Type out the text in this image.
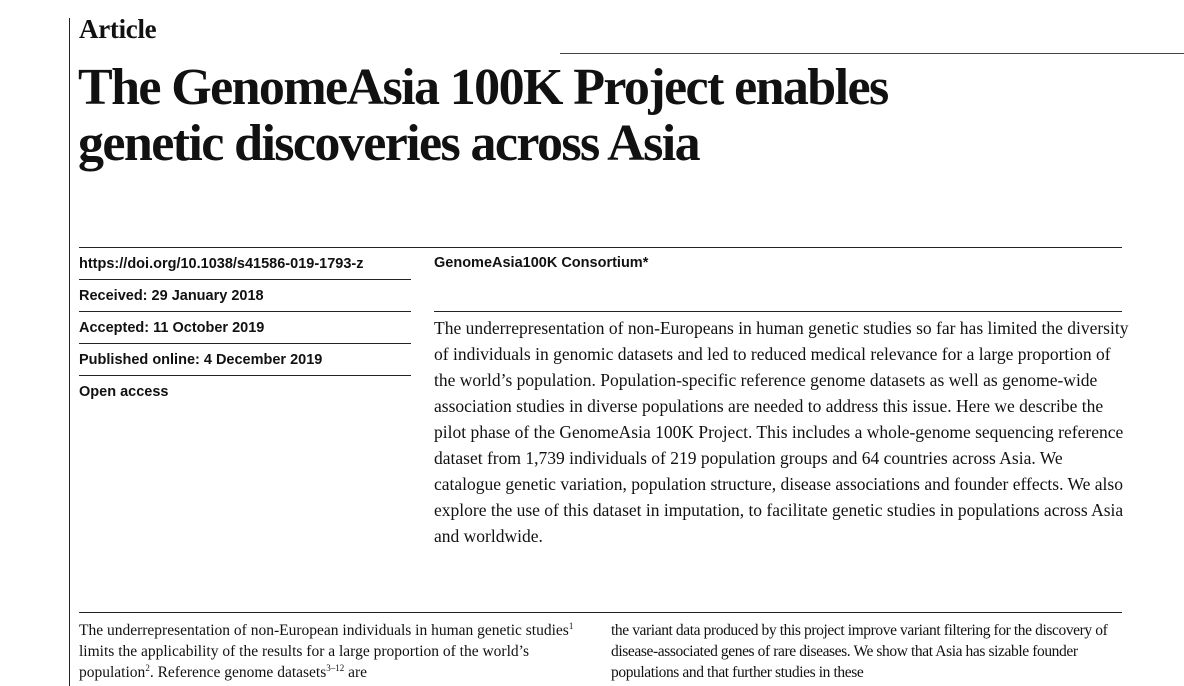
Article
The GenomeAsia 100K Project enables
genetic discoveries across Asia
https://doi.org/10.1038/s41586-019-1793-z
Received: 29 January 2018
Accepted: 11 October 2019
Published online: 4 December 2019
Open access
GenomeAsia100K Consortium*

The underrepresentation of non-Europeans in human genetic studies so far has limited the diversity of individuals in genomic datasets and led to reduced medical relevance for a large proportion of the world’s population. Population-specific reference genome datasets as well as genome-wide association studies in diverse populations are needed to address this issue. Here we describe the pilot phase of the GenomeAsia 100K Project. This includes a whole-genome sequencing reference dataset from 1,739 individuals of 219 population groups and 64 countries across Asia. We catalogue genetic variation, population structure, disease associations and founder effects. We also explore the use of this dataset in imputation, to facilitate genetic studies in populations across Asia and worldwide.

The underrepresentation of non-European individuals in human genetic studies$^1$ limits the applicability of the results for a large proportion of the world’s population$^2$. Reference genome datasets$^{3-12}$ are

the variant data produced by this project improve variant filtering for the discovery of disease-associated genes of rare diseases. We show that Asia has sizable founder populations and that further studies in these
